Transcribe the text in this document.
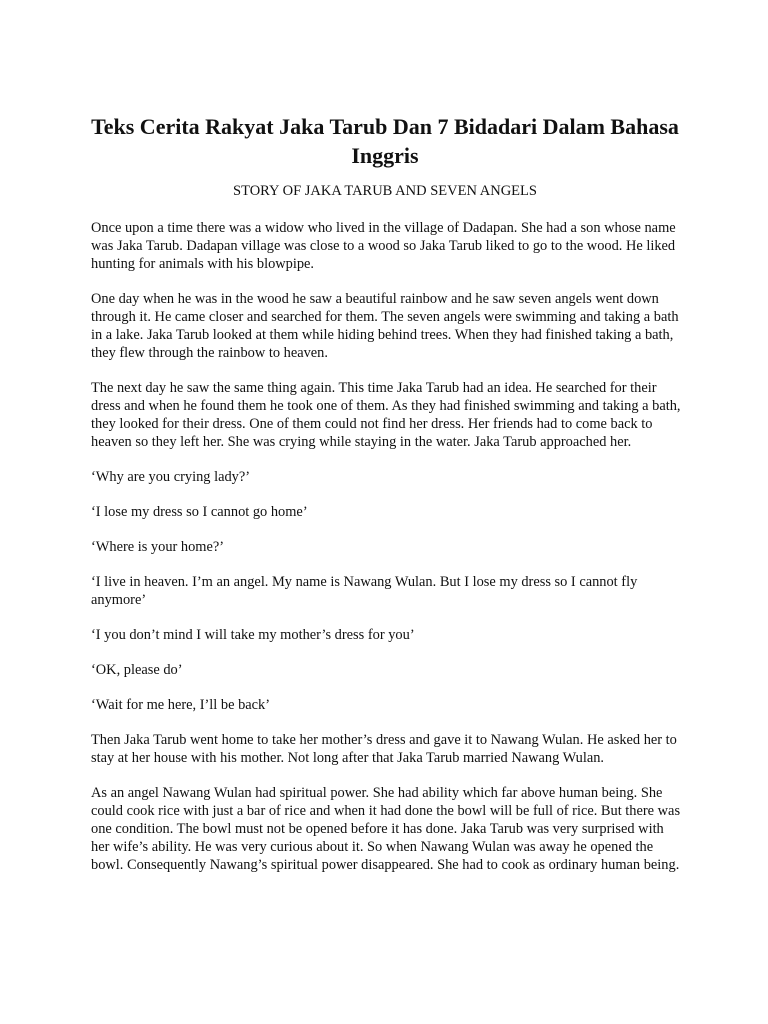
Teks Cerita Rakyat Jaka Tarub Dan 7 Bidadari Dalam Bahasa Inggris

STORY OF JAKA TARUB AND SEVEN ANGELS

Once upon a time there was a widow who lived in the village of Dadapan. She had a son whose name was Jaka Tarub. Dadapan village was close to a wood so Jaka Tarub liked to go to the wood. He liked hunting for animals with his blowpipe.

One day when he was in the wood he saw a beautiful rainbow and he saw seven angels went down through it. He came closer and searched for them. The seven angels were swimming and taking a bath in a lake. Jaka Tarub looked at them while hiding behind trees. When they had finished taking a bath, they flew through the rainbow to heaven.

The next day he saw the same thing again. This time Jaka Tarub had an idea. He searched for their dress and when he found them he took one of them. As they had finished swimming and taking a bath, they looked for their dress. One of them could not find her dress. Her friends had to come back to heaven so they left her. She was crying while staying in the water. Jaka Tarub approached her.

‘Why are you crying lady?’

‘I lose my dress so I cannot go home’

‘Where is your home?’

‘I live in heaven. I’m an angel. My name is Nawang Wulan. But I lose my dress so I cannot fly anymore’

‘I you don’t mind I will take my mother’s dress for you’

‘OK, please do’

‘Wait for me here, I’ll be back’

Then Jaka Tarub went home to take her mother’s dress and gave it to Nawang Wulan. He asked her to stay at her house with his mother. Not long after that Jaka Tarub married Nawang Wulan.

As an angel Nawang Wulan had spiritual power. She had ability which far above human being. She could cook rice with just a bar of rice and when it had done the bowl will be full of rice. But there was one condition. The bowl must not be opened before it has done. Jaka Tarub was very surprised with her wife’s ability. He was very curious about it. So when Nawang Wulan was away he opened the bowl. Consequently Nawang’s spiritual power disappeared. She had to cook as ordinary human being.
